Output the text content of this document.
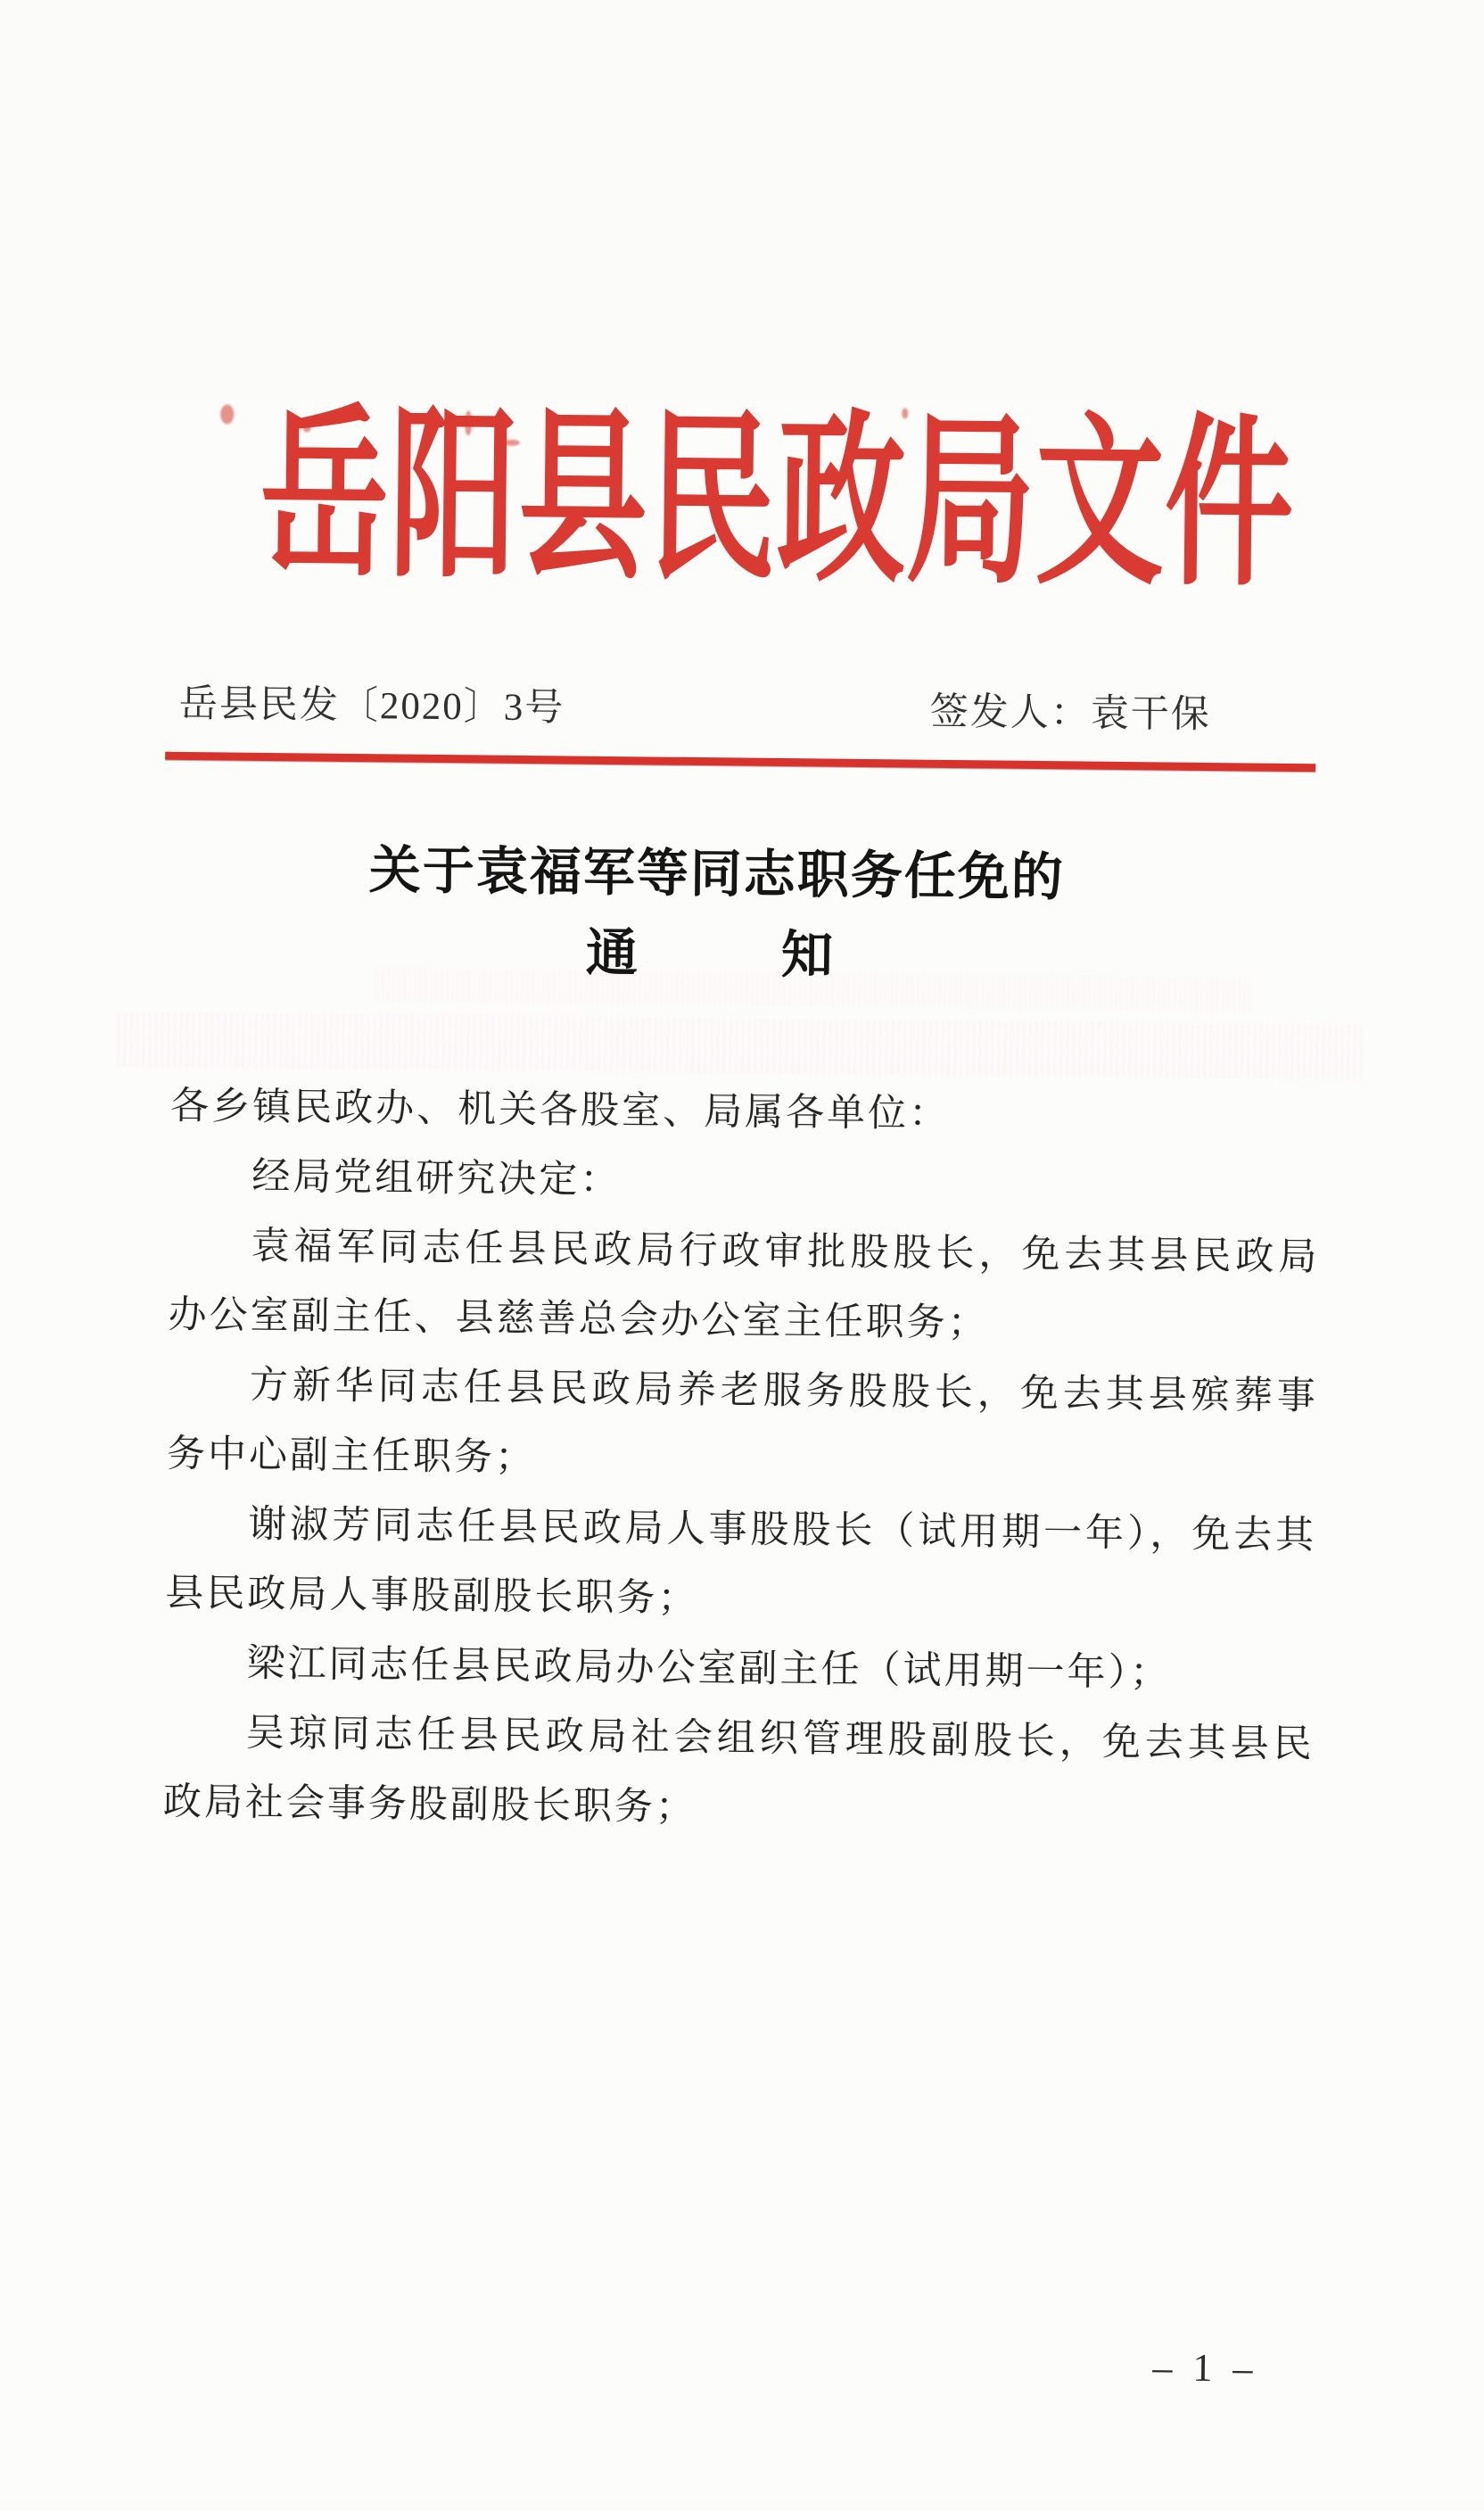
岳阳县民政局文件
岳县民发〔2020〕3号	签发人：袁干保
关于袁福军等同志职务任免的
通　　知
各乡镇民政办、机关各股室、局属各单位：
经局党组研究决定：
袁福军同志任县民政局行政审批股股长，免去其县民政局
办公室副主任、县慈善总会办公室主任职务；
方新华同志任县民政局养老服务股股长，免去其县殡葬事
务中心副主任职务；
谢淑芳同志任县民政局人事股股长（试用期一年），免去其
县民政局人事股副股长职务；
梁江同志任县民政局办公室副主任（试用期一年）；
吴琼同志任县民政局社会组织管理股副股长，免去其县民
政局社会事务股副股长职务；
– 1 –
